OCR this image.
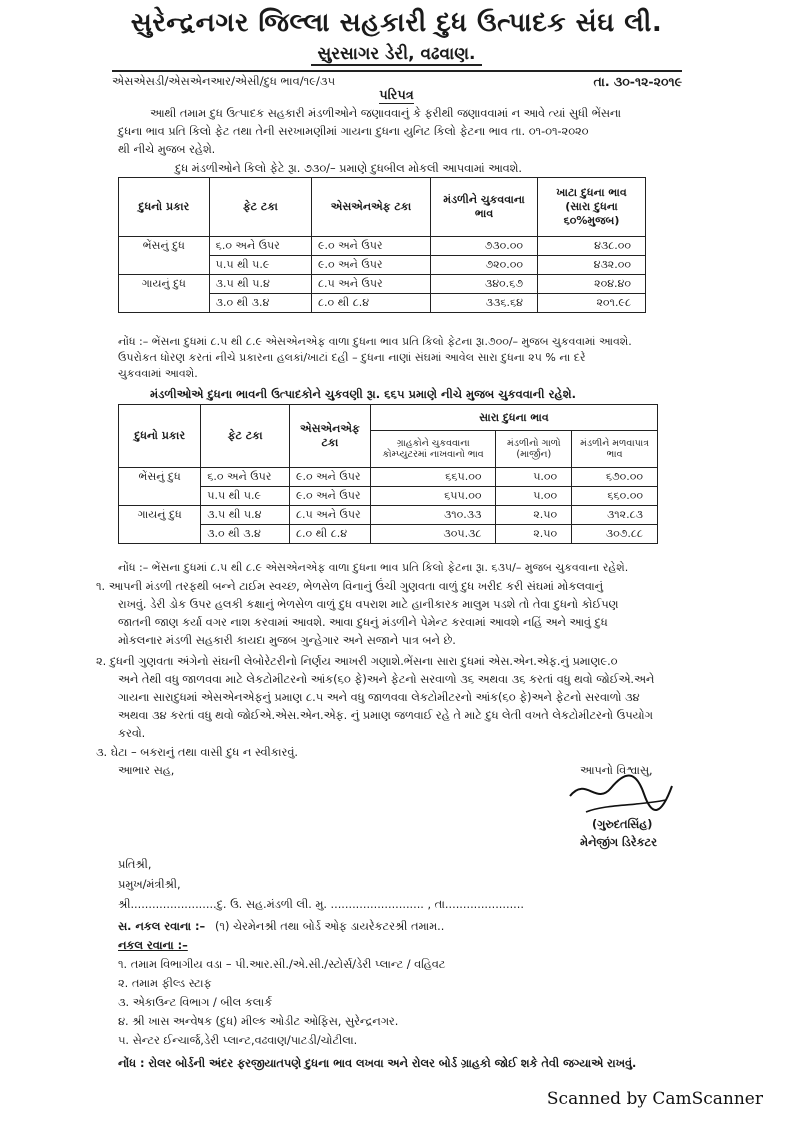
સુરેન્દ્રનગર જિલ્લા સહકારી દુધ ઉત્પાદક સંઘ લી.
સુરસાગર ડેરી, વઢવાણ.
એસએસડી/એસએનઆર/એસી/દુધ ભાવ/૧૯/૩૫	તા. ૩૦-૧૨-૨૦૧૯
પરિપત્ર
આથી તમામ દુધ ઉત્પાદક સહકારી મંડળીઓને જણાવવાનું કે ફરીથી જણાવવામાં ન આવે ત્યાં સુધી ભેંસના
દુધના ભાવ પ્રતિ કિલો ફેટ તથા તેની સરખામણીમાં ગાયના દુધના યુનિટ કિલો ફેટના ભાવ તા. ૦૧-૦૧-૨૦૨૦
થી નીચે મુજબ રહેશે.
દુધ મંડળીઓને કિલો ફેટે રૂા. ૭૩૦/– પ્રમાણે દુધબીલ મોકલી આપવામાં આવશે.
દુધનો પ્રકાર	ફેટ ટકા	એસએનએફ ટકા	મંડળીને ચુકવવાના ભાવ	ખાટા દુધના ભાવ (સારા દુધના ૬૦%મુજબ)
ભેંસનું દુધ	૬.૦ અને ઉપર	૯.૦ અને ઉપર	૭૩૦.૦૦	૪૩૮.૦૦
	૫.૫ થી ૫.૯	૯.૦ અને ઉપર	૭૨૦.૦૦	૪૩૨.૦૦
ગાયનું દુધ	૩.૫ થી ૫.૪	૮.૫ અને ઉપર	૩૪૦.૬૭	૨૦૪.૪૦
	૩.૦ થી ૩.૪	૮.૦ થી ૮.૪	૩૩૬.૬૪	૨૦૧.૯૮
નોંધ :– ભેંસના દુધમાં ૮.૫ થી ૮.૯ એસએનએફ વાળા દુધના ભાવ પ્રતિ કિલો ફેટના રૂા.૭૦૦/– મુજબ ચુકવવામાં આવશે.
ઉપરોકત ધોરણ કરતાં નીચે પ્રકારના હલકાં/ખાટાં દહી – દુધના નાણાં સંઘમાં આવેલ સારા દુધના ૨૫ % ના દરે
ચુકવવામાં આવશે.
મંડળીઓએ દુધના ભાવની ઉત્પાદકોને ચુકવણી રૂા. ૬૬૫ પ્રમાણે નીચે મુજબ ચુકવવાની રહેશે.
દુધનો પ્રકાર	ફેટ ટકા	એસએનએફ ટકા	સારા દુધના ભાવ		
			ગ્રાહકોને ચુકવવાના કોમ્પ્યુટરમાં નાખવાનો ભાવ	મંડળીનો ગાળો (માર્જીન)	મંડળીને મળવાપાત્ર ભાવ
ભેંસનું દુધ	૬.૦ અને ઉપર	૯.૦ અને ઉપર	૬૬૫.૦૦	૫.૦૦	૬૭૦.૦૦
	૫.૫ થી ૫.૯	૯.૦ અને ઉપર	૬૫૫.૦૦	૫.૦૦	૬૬૦.૦૦
ગાયનું દુધ	૩.૫ થી ૫.૪	૮.૫ અને ઉપર	૩૧૦.૩૩	૨.૫૦	૩૧૨.૮૩
	૩.૦ થી ૩.૪	૮.૦ થી ૮.૪	૩૦૫.૩૮	૨.૫૦	૩૦૭.૮૮
નોંધ :– ભેંસના દુધમાં ૮.૫ થી ૮.૯ એસએનએફ વાળા દુધના ભાવ પ્રતિ કિલો ફેટના રૂા. ૬૩૫/– મુજબ ચુકવવાના રહેશે.
૧. આપની મંડળી તરફથી બન્ને ટાઈમ સ્વચ્છ, ભેળસેળ વિનાનું ઉંચી ગુણવતા વાળું દુધ ખરીદ કરી સંઘમાં મોકલવાનું
રાખવું. ડેરી ડોક ઉપર હલકી કક્ષાનું ભેળસેળ વાળું દુધ વપરાશ માટે હાનીકારક માલુમ પડશે તો તેવા દુધનો કોઈપણ
જાતની જાણ કર્યા વગર નાશ કરવામાં આવશે. આવા દુધનું મંડળીને પેમેન્ટ કરવામાં આવશે નહિં અને આવું દુધ
મોકલનાર મંડળી સહકારી કાયદા મુજબ ગુન્હેગાર અને સજાને પાત્ર બને છે.
૨. દુધની ગુણવતા અંગેનો સંઘની લેબોરેટરીનો નિર્ણય આખરી ગણાશે.ભેંસના સારા દુધમાં એસ.એન.એફ.નું પ્રમાણ૯.૦
અને તેથી વધુ જાળવવા માટે લેકટોમીટરનો આંક(૬૦ ફે)અને ફેટનો સરવાળો ૩૬ અથવા ૩૬ કરતાં વધુ થવો જોઈએ.અને
ગાયના સારાદુધમાં એસએનએફનું પ્રમાણ ૮.૫ અને વધુ જાળવવા લેકટોમીટરનો આંક(૬૦ ફે)અને ફેટનો સરવાળો ૩૪
અથવા ૩૪ કરતાં વધુ થવો જોઈએ.એસ.એન.એફ. નું પ્રમાણ જળવાઈ રહે તે માટે દુધ લેતી વખતે લેકટોમીટરનો ઉપયોગ
કરવો.
૩. ઘેટા – બકરાનું તથા વાસી દુધ ન સ્વીકારવું.
આભાર સહ,	આપનો વિશ્વાસુ,
(ગુરુદતસિંહ)
મેનેજીંગ ડિરેકટર
પ્રતિશ્રી,
પ્રમુખ/મંત્રીશ્રી,
શ્રી........................દુ. ઉ. સહ.મંડળી લી. મુ. .......................... , તા......................
સ. નકલ રવાના :– (૧) ચેરમેનશ્રી તથા બોર્ડ ઓફ ડાયરેકટરશ્રી તમામ..
નકલ રવાના :–
૧. તમામ વિભાગીય વડા – પી.આર.સી./એ.સી./સ્ટોર્સ/ડેરી પ્લાન્ટ / વહિવટ
૨. તમામ ફીલ્ડ સ્ટાફ
૩. એકાઉન્ટ વિભાગ / બીલ કલાર્ક
૪. શ્રી ખાસ અન્વેષક (દુધ) મીલ્ક ઓડીટ ઓફિસ, સુરેન્દ્રનગર.
૫. સેન્ટર ઈન્ચાર્જ,ડેરી પ્લાન્ટ,વઢવાણ/પાટડી/ચોટીલા.
નોંધ : રોલર બોર્ડની અંદર ફરજીયાતપણે દુધના ભાવ લખવા અને રોલર બોર્ડ ગ્રાહકો જોઈ શકે તેવી જગ્યાએ રાખવું.
Scanned by CamScanner
